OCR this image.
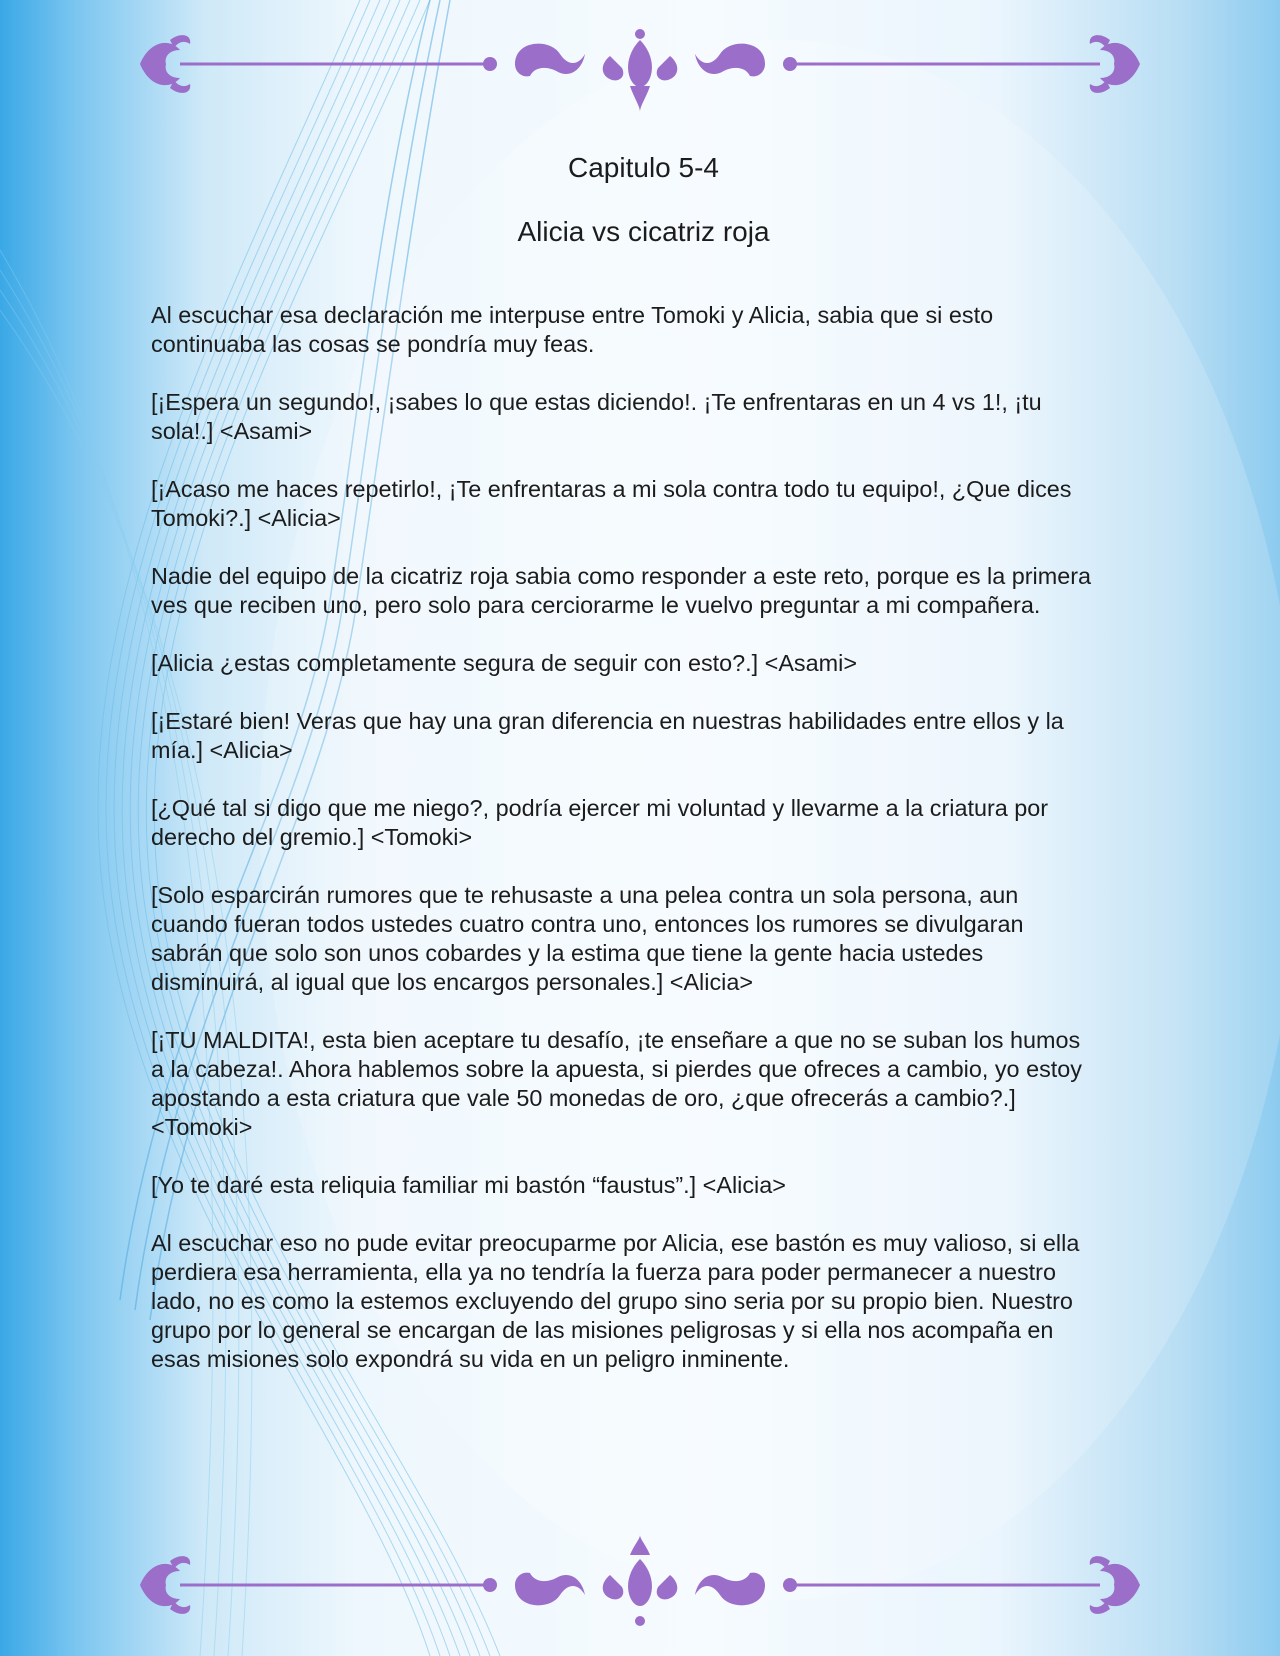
Capitulo 5-4
Alicia vs cicatriz roja

Al escuchar esa declaración me interpuse entre Tomoki y Alicia, sabia que si esto continuaba las cosas se pondría muy feas.

[¡Espera un segundo!, ¡sabes lo que estas diciendo!. ¡Te enfrentaras en un 4 vs 1!, ¡tu sola!.] <Asami>

[¡Acaso me haces repetirlo!, ¡Te enfrentaras a mi sola contra todo tu equipo!, ¿Que dices Tomoki?.] <Alicia>

Nadie del equipo de la cicatriz roja sabia como responder a este reto, porque es la primera ves que reciben uno, pero solo para cerciorarme le vuelvo preguntar a mi compañera.

[Alicia ¿estas completamente segura de seguir con esto?.] <Asami>

[¡Estaré bien! Veras que hay una gran diferencia en nuestras habilidades entre ellos y la mía.] <Alicia>

[¿Qué tal si digo que me niego?, podría ejercer mi voluntad y llevarme a la criatura por derecho del gremio.] <Tomoki>

[Solo esparcirán rumores que te rehusaste a una pelea contra un sola persona, aun cuando fueran todos ustedes cuatro contra uno, entonces los rumores se divulgaran sabrán que solo son unos cobardes y la estima que tiene la gente hacia ustedes disminuirá, al igual que los encargos personales.] <Alicia>

[¡TU MALDITA!, esta bien aceptare tu desafío, ¡te enseñare a que no se suban los humos a la cabeza!. Ahora hablemos sobre la apuesta, si pierdes que ofreces a cambio, yo estoy apostando a esta criatura que vale 50 monedas de oro, ¿que ofrecerás a cambio?.] <Tomoki>

[Yo te daré esta reliquia familiar mi bastón “faustus”.] <Alicia>

Al escuchar eso no pude evitar preocuparme por Alicia, ese bastón es muy valioso, si ella perdiera esa herramienta, ella ya no tendría la fuerza para poder permanecer a nuestro lado, no es como la estemos excluyendo del grupo sino seria por su propio bien. Nuestro grupo por lo general se encargan de las misiones peligrosas y si ella nos acompaña en esas misiones solo expondrá su vida en un peligro inminente.
